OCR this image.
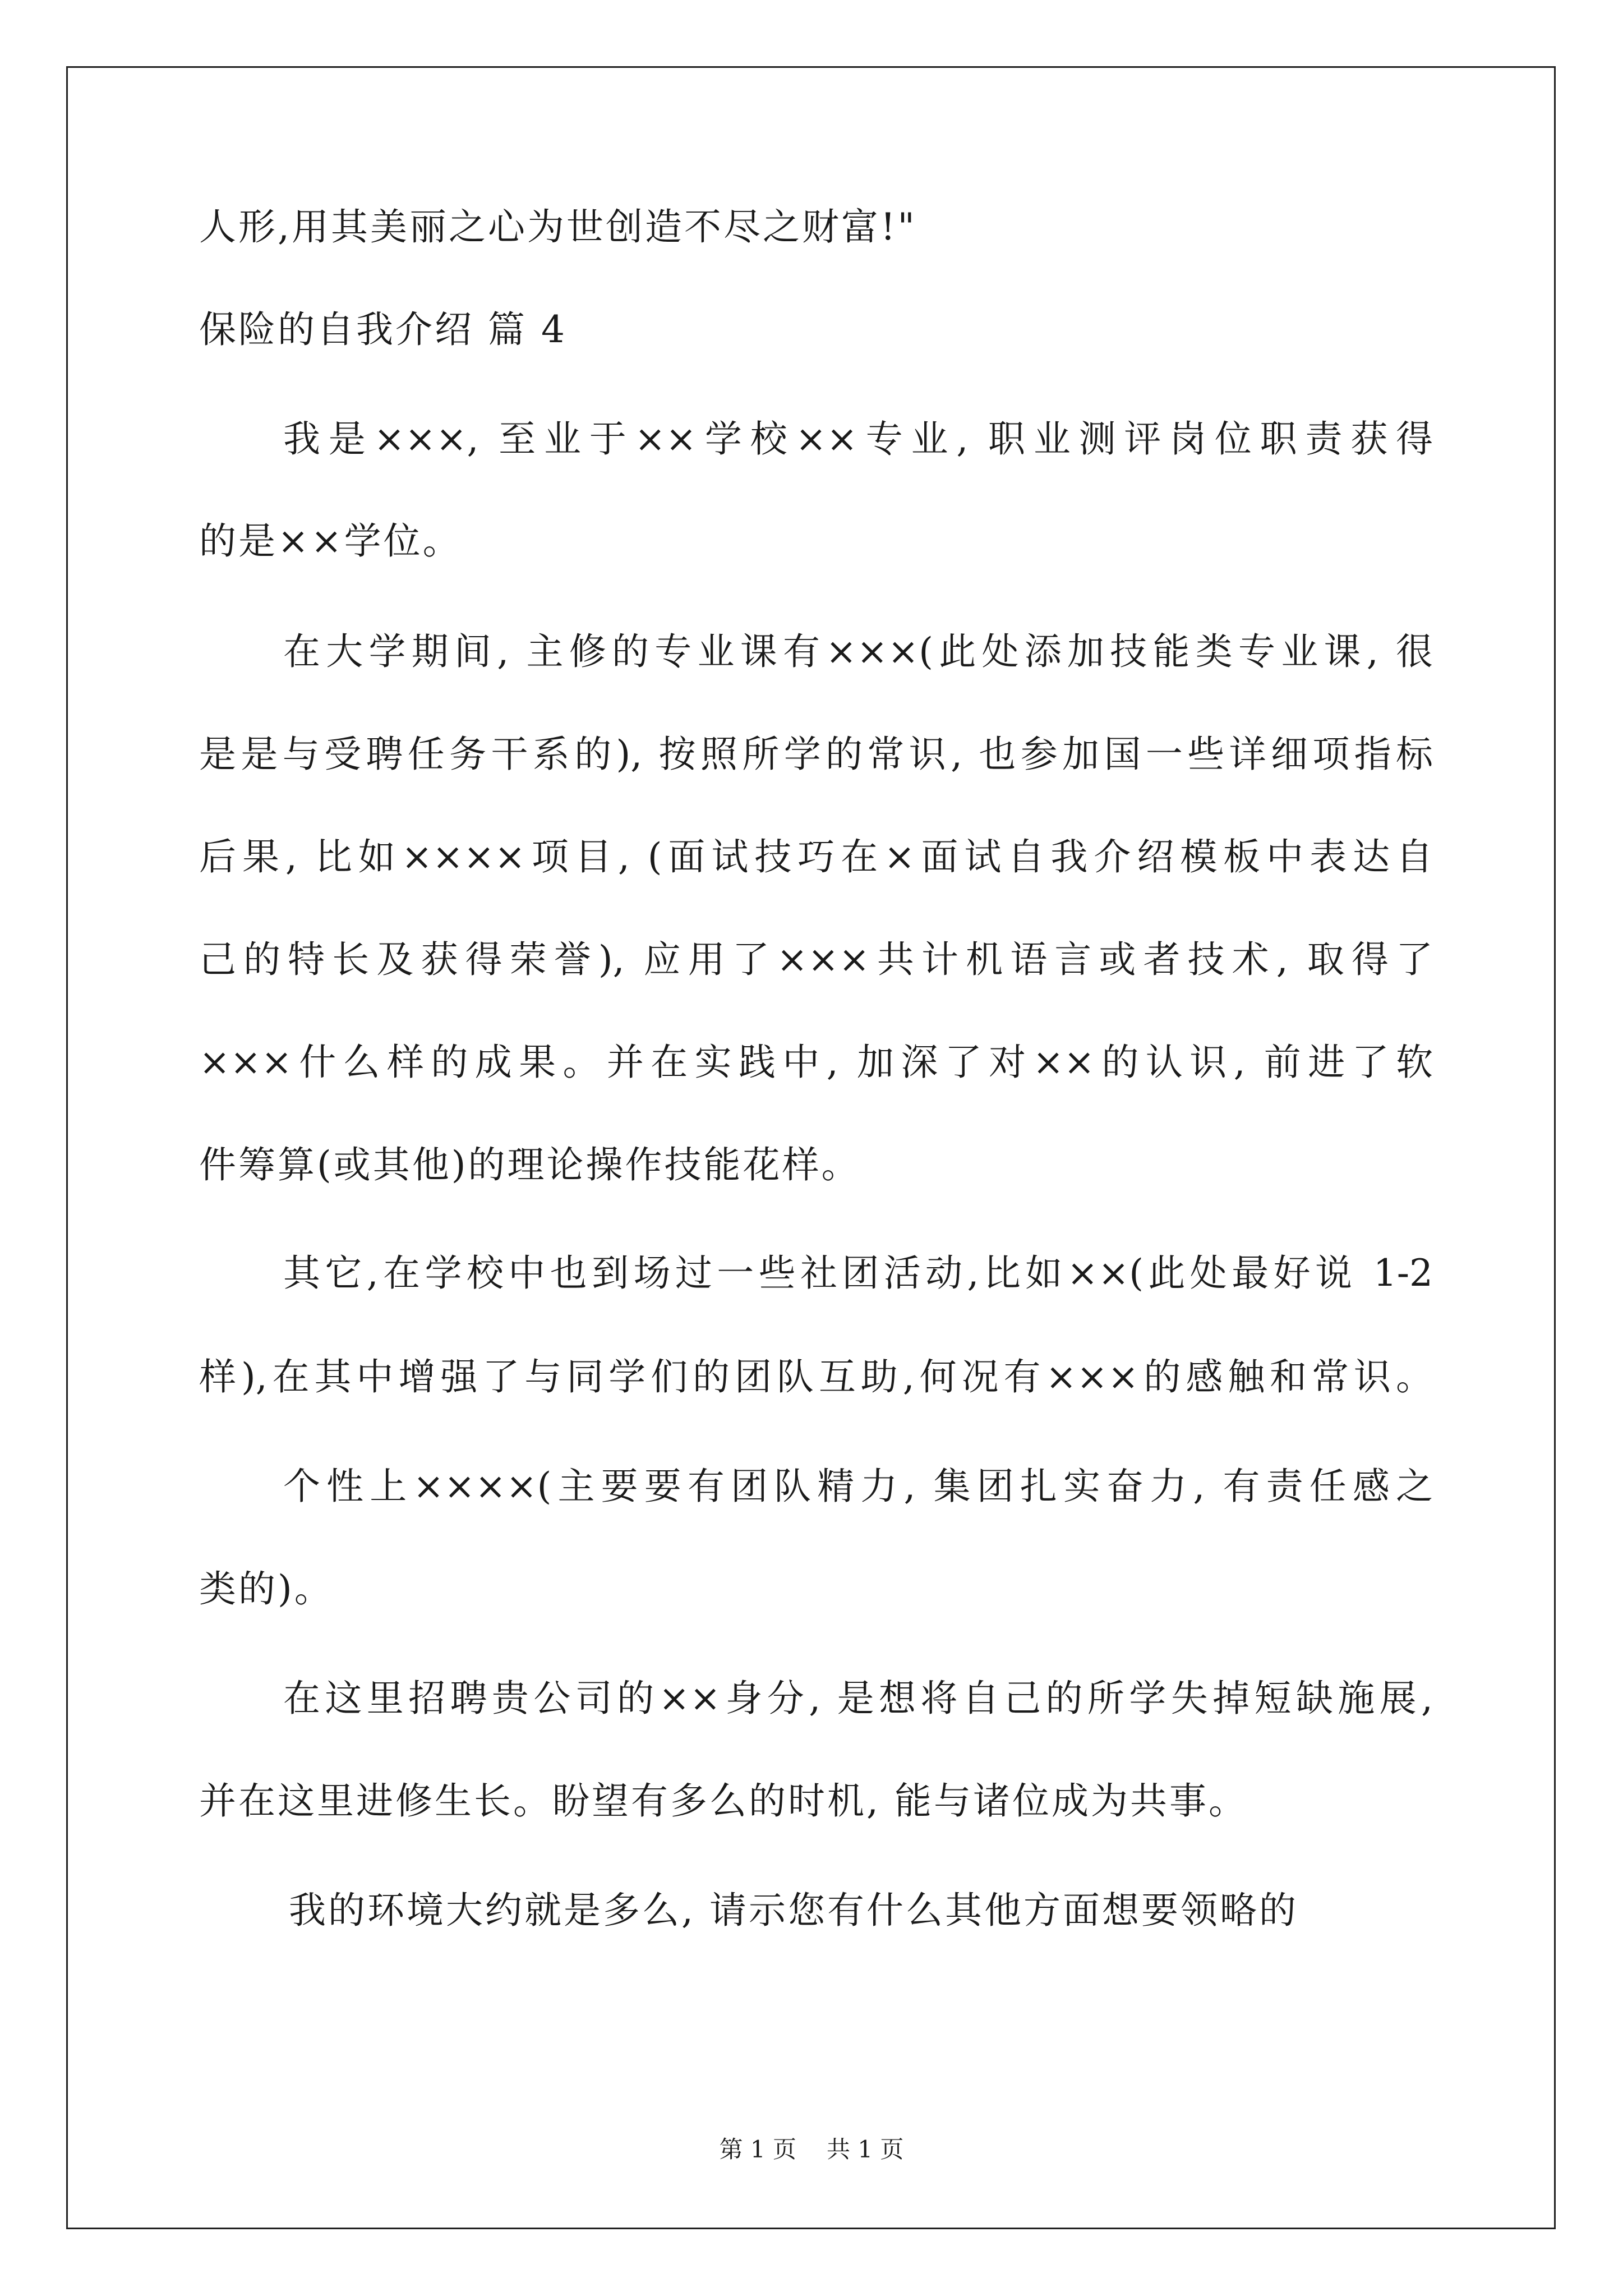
人形,用其美丽之心为世创造不尽之财富!"
保险的自我介绍 篇 4
我是×××, 至业于××学校××专业, 职业测评岗位职责获得
的是××学位。
在大学期间, 主修的专业课有×××(此处添加技能类专业课, 很
是是与受聘任务干系的), 按照所学的常识, 也参加国一些详细项指标
后果, 比如××××项目, (面试技巧在×面试自我介绍模板中表达自
己的特长及获得荣誉), 应用了×××共计机语言或者技术, 取得了
×××什么样的成果。并在实践中, 加深了对××的认识, 前进了软
件筹算(或其他)的理论操作技能花样。
其它,在学校中也到场过一些社团活动,比如××(此处最好说 1-2
样),在其中增强了与同学们的团队互助,何况有×××的感触和常识。
个性上××××(主要要有团队精力, 集团扎实奋力, 有责任感之
类的)。
在这里招聘贵公司的××身分, 是想将自己的所学失掉短缺施展,
并在这里进修生长。盼望有多么的时机, 能与诸位成为共事。
我的环境大约就是多么, 请示您有什么其他方面想要领略的
第 1 页 共 1 页
